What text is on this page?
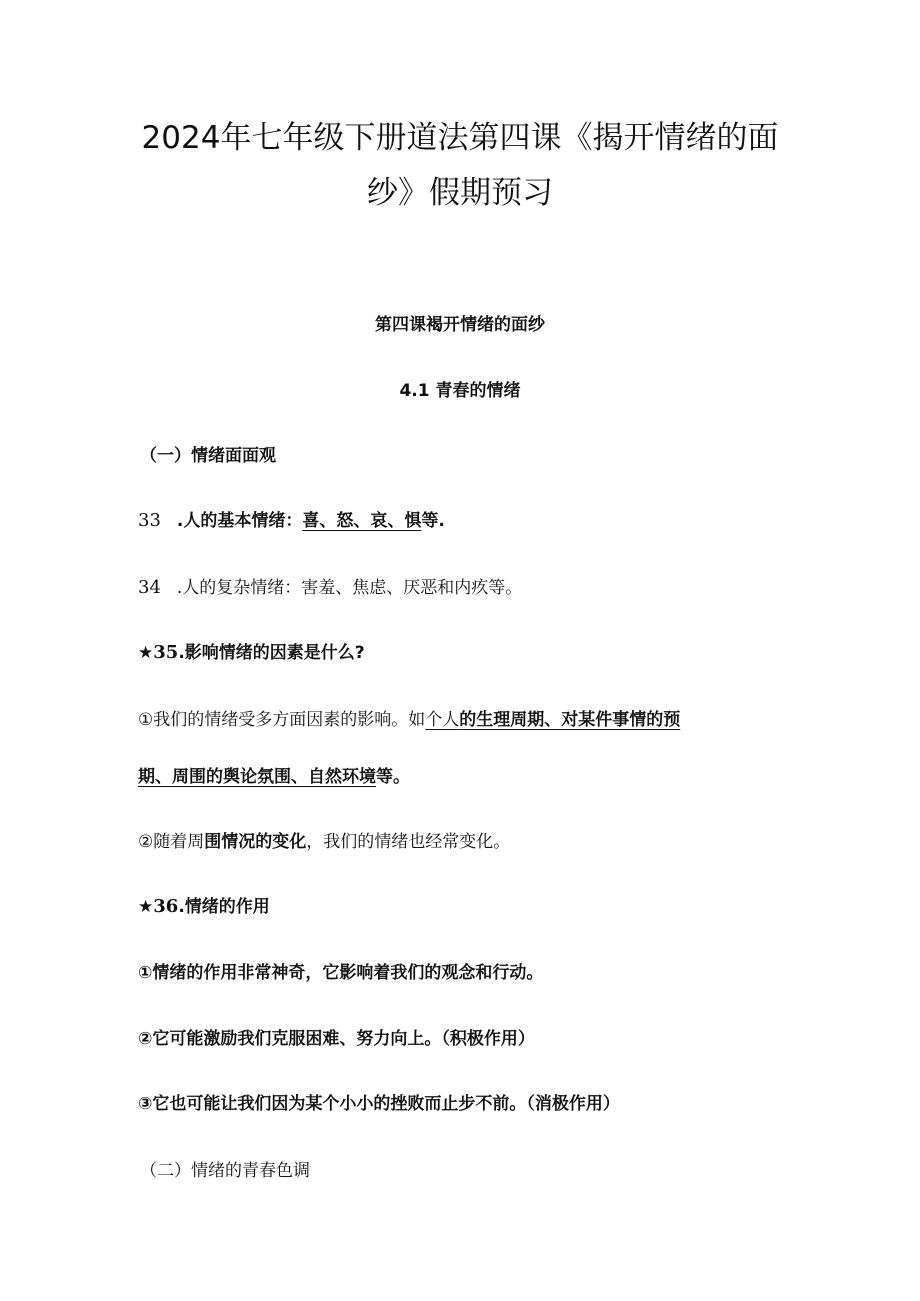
2024年七年级下册道法第四课《揭开情绪的面
纱》假期预习
第四课褐开情绪的面纱
4.1 青春的情绪
（一）情绪面面观
33 .人的基本情绪：喜、怒、哀、惧等.
34 .人的复杂情绪：害羞、焦虑、厌恶和内疚等。
★35.影响情绪的因素是什么?
①我们的情绪受多方面因素的影响。如个人的生理周期、对某件事情的预
期、周围的舆论氛围、自然环境等。
②随着周围情况的变化，我们的情绪也经常变化。
★36.情绪的作用
①情绪的作用非常神奇，它影响着我们的观念和行动。
②它可能激励我们克服困难、努力向上。（积极作用）
③它也可能让我们因为某个小小的挫败而止步不前。（消极作用）
（二）情绪的青春色调
